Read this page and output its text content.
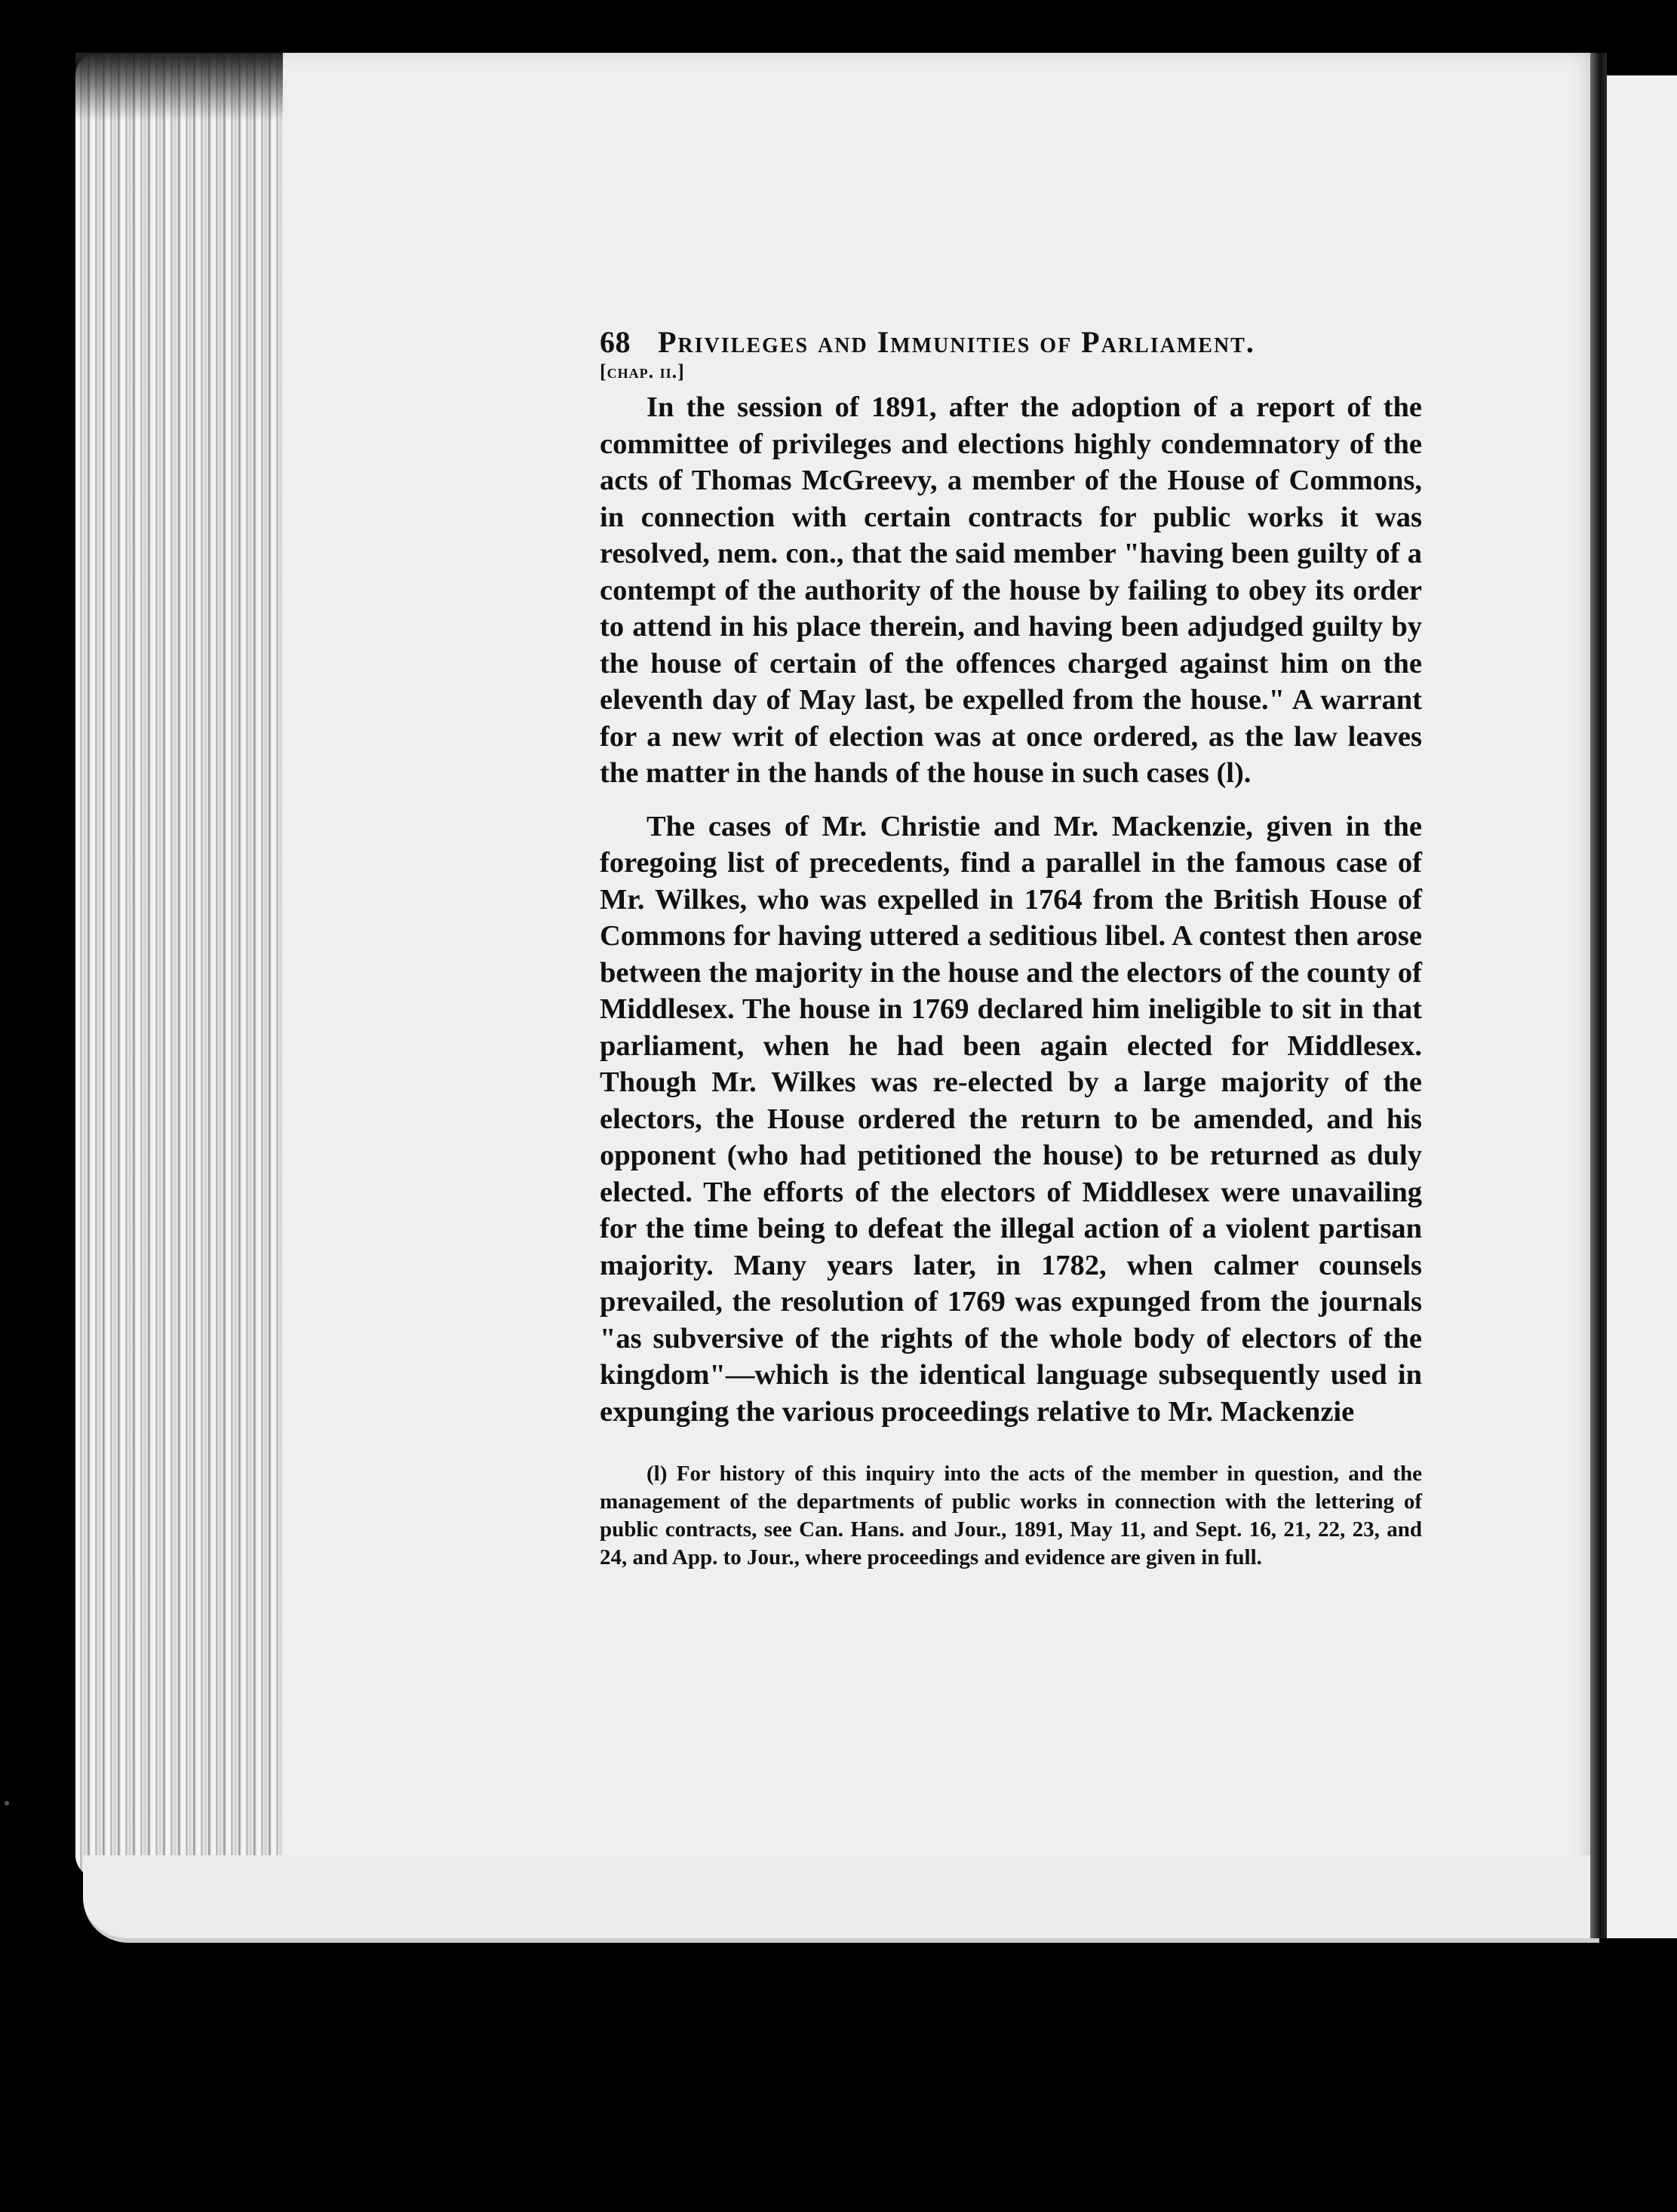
68 Privileges and Immunities of Parliament.
[chap. ii.]

In the session of 1891, after the adoption of a report of the committee of privileges and elections highly condemnatory of the acts of Thomas McGreevy, a member of the House of Commons, in connection with certain contracts for public works it was resolved, nem. con., that the said member "having been guilty of a contempt of the authority of the house by failing to obey its order to attend in his place therein, and having been adjudged guilty by the house of certain of the offences charged against him on the eleventh day of May last, be expelled from the house." A warrant for a new writ of election was at once ordered, as the law leaves the matter in the hands of the house in such cases (l).

The cases of Mr. Christie and Mr. Mackenzie, given in the foregoing list of precedents, find a parallel in the famous case of Mr. Wilkes, who was expelled in 1764 from the British House of Commons for having uttered a seditious libel. A contest then arose between the majority in the house and the electors of the county of Middlesex. The house in 1769 declared him ineligible to sit in that parliament, when he had been again elected for Middlesex. Though Mr. Wilkes was re-elected by a large majority of the electors, the House ordered the return to be amended, and his opponent (who had petitioned the house) to be returned as duly elected. The efforts of the electors of Middlesex were unavailing for the time being to defeat the illegal action of a violent partisan majority. Many years later, in 1782, when calmer counsels prevailed, the resolution of 1769 was expunged from the journals "as subversive of the rights of the whole body of electors of the kingdom"—which is the identical language subsequently used in expunging the various proceedings relative to Mr. Mackenzie

(l) For history of this inquiry into the acts of the member in question, and the management of the departments of public works in connection with the lettering of public contracts, see Can. Hans. and Jour., 1891, May 11, and Sept. 16, 21, 22, 23, and 24, and App. to Jour., where proceedings and evidence are given in full.
